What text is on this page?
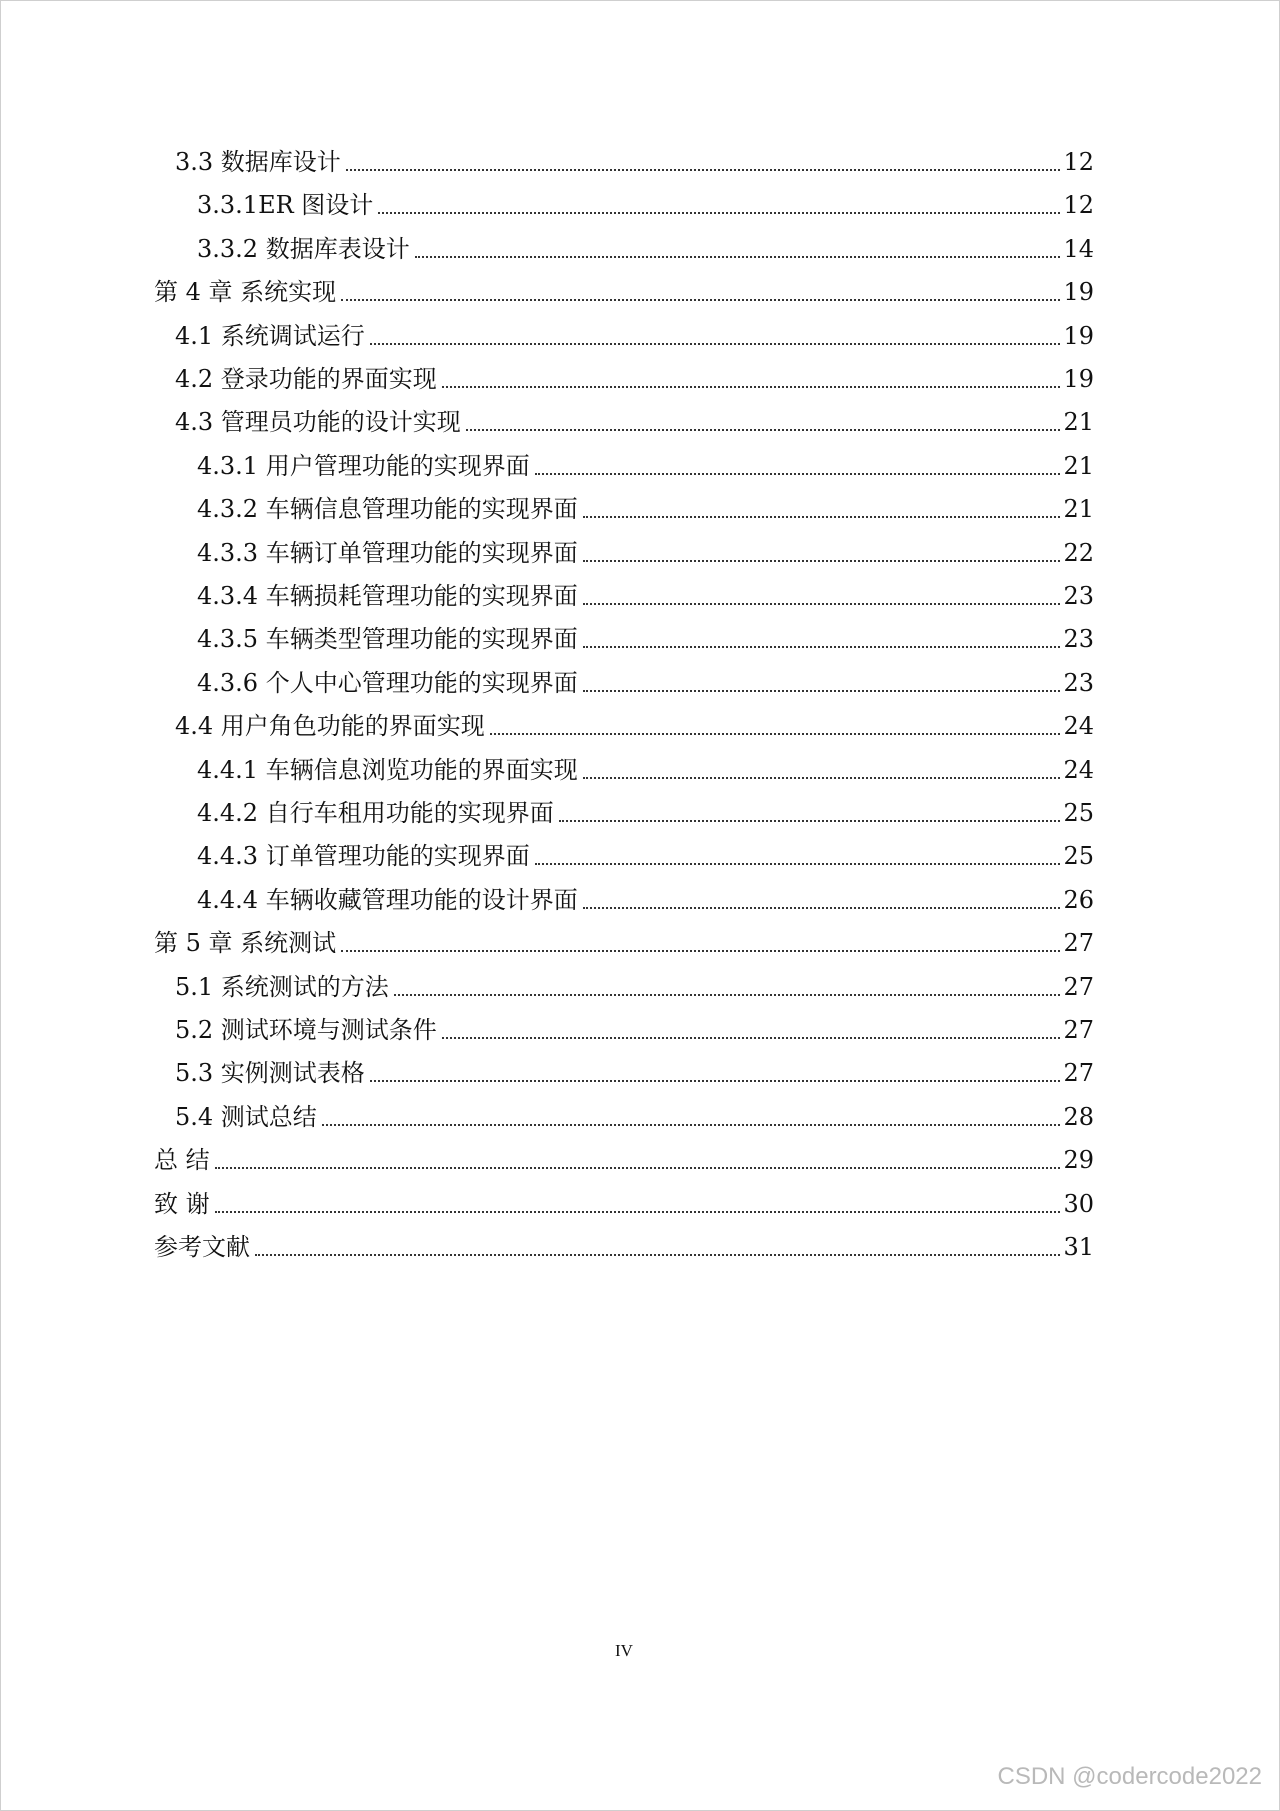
3.3 数据库设计	12
3.3.1ER 图设计	12
3.3.2 数据库表设计	14
第 4 章 系统实现	19
4.1 系统调试运行	19
4.2 登录功能的界面实现	19
4.3 管理员功能的设计实现	21
4.3.1 用户管理功能的实现界面	21
4.3.2 车辆信息管理功能的实现界面	21
4.3.3 车辆订单管理功能的实现界面	22
4.3.4 车辆损耗管理功能的实现界面	23
4.3.5 车辆类型管理功能的实现界面	23
4.3.6 个人中心管理功能的实现界面	23
4.4 用户角色功能的界面实现	24
4.4.1 车辆信息浏览功能的界面实现	24
4.4.2 自行车租用功能的实现界面	25
4.4.3 订单管理功能的实现界面	25
4.4.4 车辆收藏管理功能的设计界面	26
第 5 章 系统测试	27
5.1 系统测试的方法	27
5.2 测试环境与测试条件	27
5.3 实例测试表格	27
5.4 测试总结	28
总 结	29
致 谢	30
参考文献	31
IV
CSDN @codercode2022
